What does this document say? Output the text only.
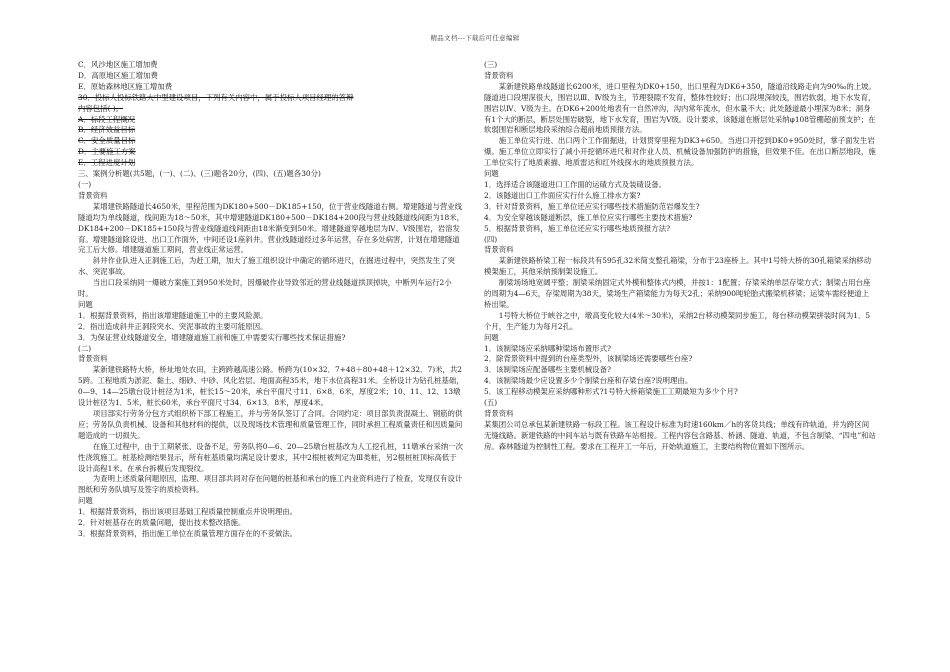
精品文档---下载后可任意编辑

C．风沙地区施工增加费

D．高原地区施工增加费

E．原始森林地区施工增加费

30．投标人投标铁路大中型建设项目，下列有关内容中，属于投标人项目经理的答辩

内容包括( )。

A．标段工程概况

B．经济效益目标

C．安全质量目标

D．主要施工方案

E．工程进度计划

三、案例分析题(共5题，(一)、(二)、(三)题各20分，(四)、(五)题各30分)

(一)

背景资料

某增建铁路隧道长4650米，里程范围为DK180+500－DK185+150，位于营业线隧道右侧。增建隧道与营业线隧道均为单线隧道，线间距为18～50米，其中增建隧道DK180+500－DK184+200段与营业线隧道线间距为18米，DK184+200－DK185+150段与营业线隧道线间距由18米渐变到50米。增建隧道穿越地层为Ⅳ、Ⅴ级围岩，岩溶发育。增建隧道除设进、出口工作面外，中间还设1座斜井。营业线隧道经过多年运营，存在多处病害，计划在增建隧道完工后大修。增建隧道施工期间，营业线正常运营。

斜井作业队进入正洞施工后，为赶工期，加大了施工组织设计中确定的循环进尺，在掘进过程中，突然发生了突水、突泥事故。

当出口段采纳同一爆破方案施工到950米处时，因爆破作业导致邻近的营业线隧道拱顶掉块，中断列车运行2小时。

问题

1．根据背景资料，指出该增建隧道施工中的主要风险源。

2．指出造成斜井正洞段突水、突泥事故的主要可能原因。

3．为保证营业线隧道安全，增建隧道施工前和施工中需要实行哪些技术保证措施?

(二)

背景资料

某新建铁路特大桥，桥址地处农田，主跨跨越高速公路。桥跨为(10×32．7+48＋80+48＋12×32．7)米，共25跨。工程地质为淤泥、黏土、细砂、中砂、风化岩层。地面高程35米，地下水位高程31米。全桥设计为钻孔桩基础，0—9、14—25墩台设计桩径为1米，桩长15～20米，承台平面尺寸11．6×8．6米，厚度2米；10、11、12、13墩设计桩径为1．5米，桩长60米，承台平面尺寸34．6×13．8米，厚度4米。

项目部实行劳务分包方式组织桥下部工程施工，并与劳务队签订了合同。合同约定：项目部负责混凝土、钢筋的供应；劳务队负责机械、设备和其他材料的提供，以及现场技术管理和质量管理工作，同时承担工程质量责任和因质量问题造成的一切损失。

在施工过程中，由于工期紧张、设备不足，劳务队将0—6、20—25墩台桩基改为人工挖孔桩，11墩承台采纳一次性浇筑施工。桩基检测结果显示，所有桩基质量均满足设计要求，其中2根桩被判定为Ⅲ类桩，另2根桩桩顶标高低于设计高程1米。在承台拆模后发现裂纹。

为查明上述质量问题原因，监理、项目部共同对存在问题的桩基和承台的施工内业资料进行了检查，发现仅有设计图纸和劳务队填写及签字的质检资料。

问题

1．根据背景资料，指出该项目基础工程质量控制重点并说明理由。

2．针对桩基存在的质量问题，提出技术整改措施。

3．根据背景资料，指出施工单位在质量管理方面存在的不妥做法。

(三)

背景资料

某新建铁路单线隧道长6200米，进口里程为DK0+150，出口里程为DK6+350，隧道沿线路走向为90‰的上坡。隧道进口段埋深很大，围岩以Ⅲ、Ⅳ级为主，节理裂隙不发育，整体性较好；出口段埋深较浅，围岩软弱，地下水发育，围岩以Ⅳ、Ⅴ级为主。在DK6+200处地表有一自然冲沟，沟内常年流水，但水量不大；此处隧道最小埋深为8米；洞身有1个大的断层，断层处围岩破裂，地下水发育，围岩为Ⅴ级。设计要求，该隧道在断层处采纳φ108管棚超前预支护；在软弱围岩和断层地段采纳综合超前地质预报方法。

施工单位实行进、出口两个工作面掘进，计划贯穿里程为DK3+650。当进口开挖到DK0+950处时，掌子面发生岩爆。施工单位立即实行了减小开挖循环进尺和对作业人员、机械设备加强防护的措施，但效果不佳。在出口断层地段，施工单位实行了地质素描、地质雷达和红外线探水的地质预报方法。

问题

1．选择适合该隧道进口工作面的运碴方式及装碴设备。

2．该隧道出口工作面应实行什么施工排水方案?

3．针对背景资料，施工单位还应实行哪些技术措施防范岩爆发生?

4．为安全穿越该隧道断层，施工单位应实行哪些主要技术措施?

5．根据背景资料，施工单位还应实行哪些地质预报方法?

(四)

背景资料

某新建铁路桥梁工程一标段共有595孔32米简支整孔箱梁，分布于23座桥上。其中1号特大桥的30孔箱梁采纳移动模架施工，其他采纳预制架设施工。

制梁场场地宽阔平整；制梁采纳固定式外模和整体式内模，并按1：1配置；存梁采纳单层存梁方式；制梁占用台座的周期为4—6天，存梁周期为38天，梁场生产箱梁能力为每天2孔；采纳900吨轮胎式搬梁机移梁；运梁车需经便道上桥出梁。

1号特大桥位于峡谷之中，墩高变化较大(4米～30米)，采纳2台移动模架同步施工，每台移动模架拼装时间为1．5个月，生产能力为每月2孔。

问题

1．该制梁场应采纳哪种梁场布置形式?

2．除背景资料中提到的台座类型外，该制梁场还需要哪些台座?

3．该制梁场应配备哪些主要机械设备?

4．该制梁场最少应设置多少个制梁台座和存梁台座?说明理由。

5．该工程移动模架应采纳哪种形式?1号特大桥箱梁施工工期最短为多少个月?

(五)

背景资料

某集团公司总承包某新建铁路一标段工程。该工程设计标准为时速160km／h的客货共线；单线有砟轨道，并为跨区间无缝线路。新建铁路的中间车站与既有铁路车站相接。工程内容包含路基、桥涵、隧道、轨道，不包含制梁、“四电”和站房。森林隧道为控制性工程。要求在工程开工一年后，开始轨道施工，主要结构物位置如下图所示。
